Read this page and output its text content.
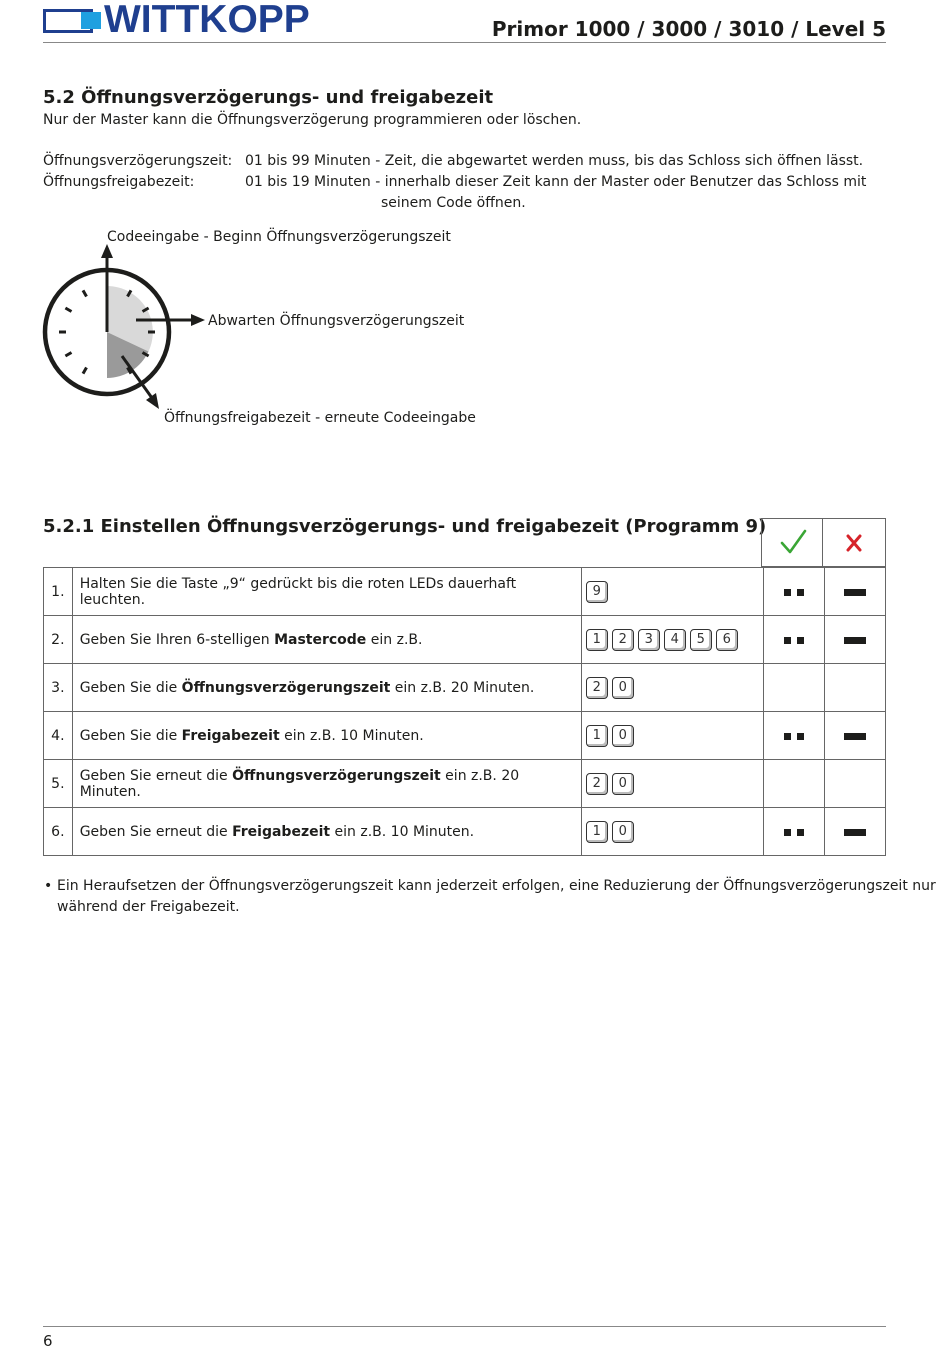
WITTKOPP	Primor 1000 / 3000 / 3010 / Level 5
5.2 Öffnungsverzögerungs- und freigabezeit
Nur der Master kann die Öffnungsverzögerung programmieren oder löschen.
Öffnungsverzögerungszeit: 01 bis 99 Minuten - Zeit, die abgewartet werden muss, bis das Schloss sich öffnen lässt.
Öffnungsfreigabezeit:	01 bis 19 Minuten - innerhalb dieser Zeit kann der Master oder Benutzer das Schloss mit
seinem Code öffnen.
Codeeingabe - Beginn Öffnungsverzögerungszeit
Abwarten Öffnungsverzögerungszeit
Öffnungsfreigabezeit - erneute Codeeingabe
5.2.1 Einstellen Öffnungsverzögerungs- und freigabezeit (Programm 9)
1.	Halten Sie die Taste „9“ gedrückt bis die roten LEDs dauerhaft leuchten.	9		
2.	Geben Sie Ihren 6-stelligen Mastercode ein z.B.	1 2 3 4 5 6		
3.	Geben Sie die Öffnungsverzögerungszeit ein z.B. 20 Minuten.	2 0		
4.	Geben Sie die Freigabezeit ein z.B. 10 Minuten.	1 0		
5.	Geben Sie erneut die Öffnungsverzögerungszeit ein z.B. 20 Minuten.	2 0		
6.	Geben Sie erneut die Freigabezeit ein z.B. 10 Minuten.	1 0		
• Ein Heraufsetzen der Öffnungsverzögerungszeit kann jederzeit erfolgen, eine Reduzierung der Öffnungsverzögerungszeit nur
während der Freigabezeit.
6
